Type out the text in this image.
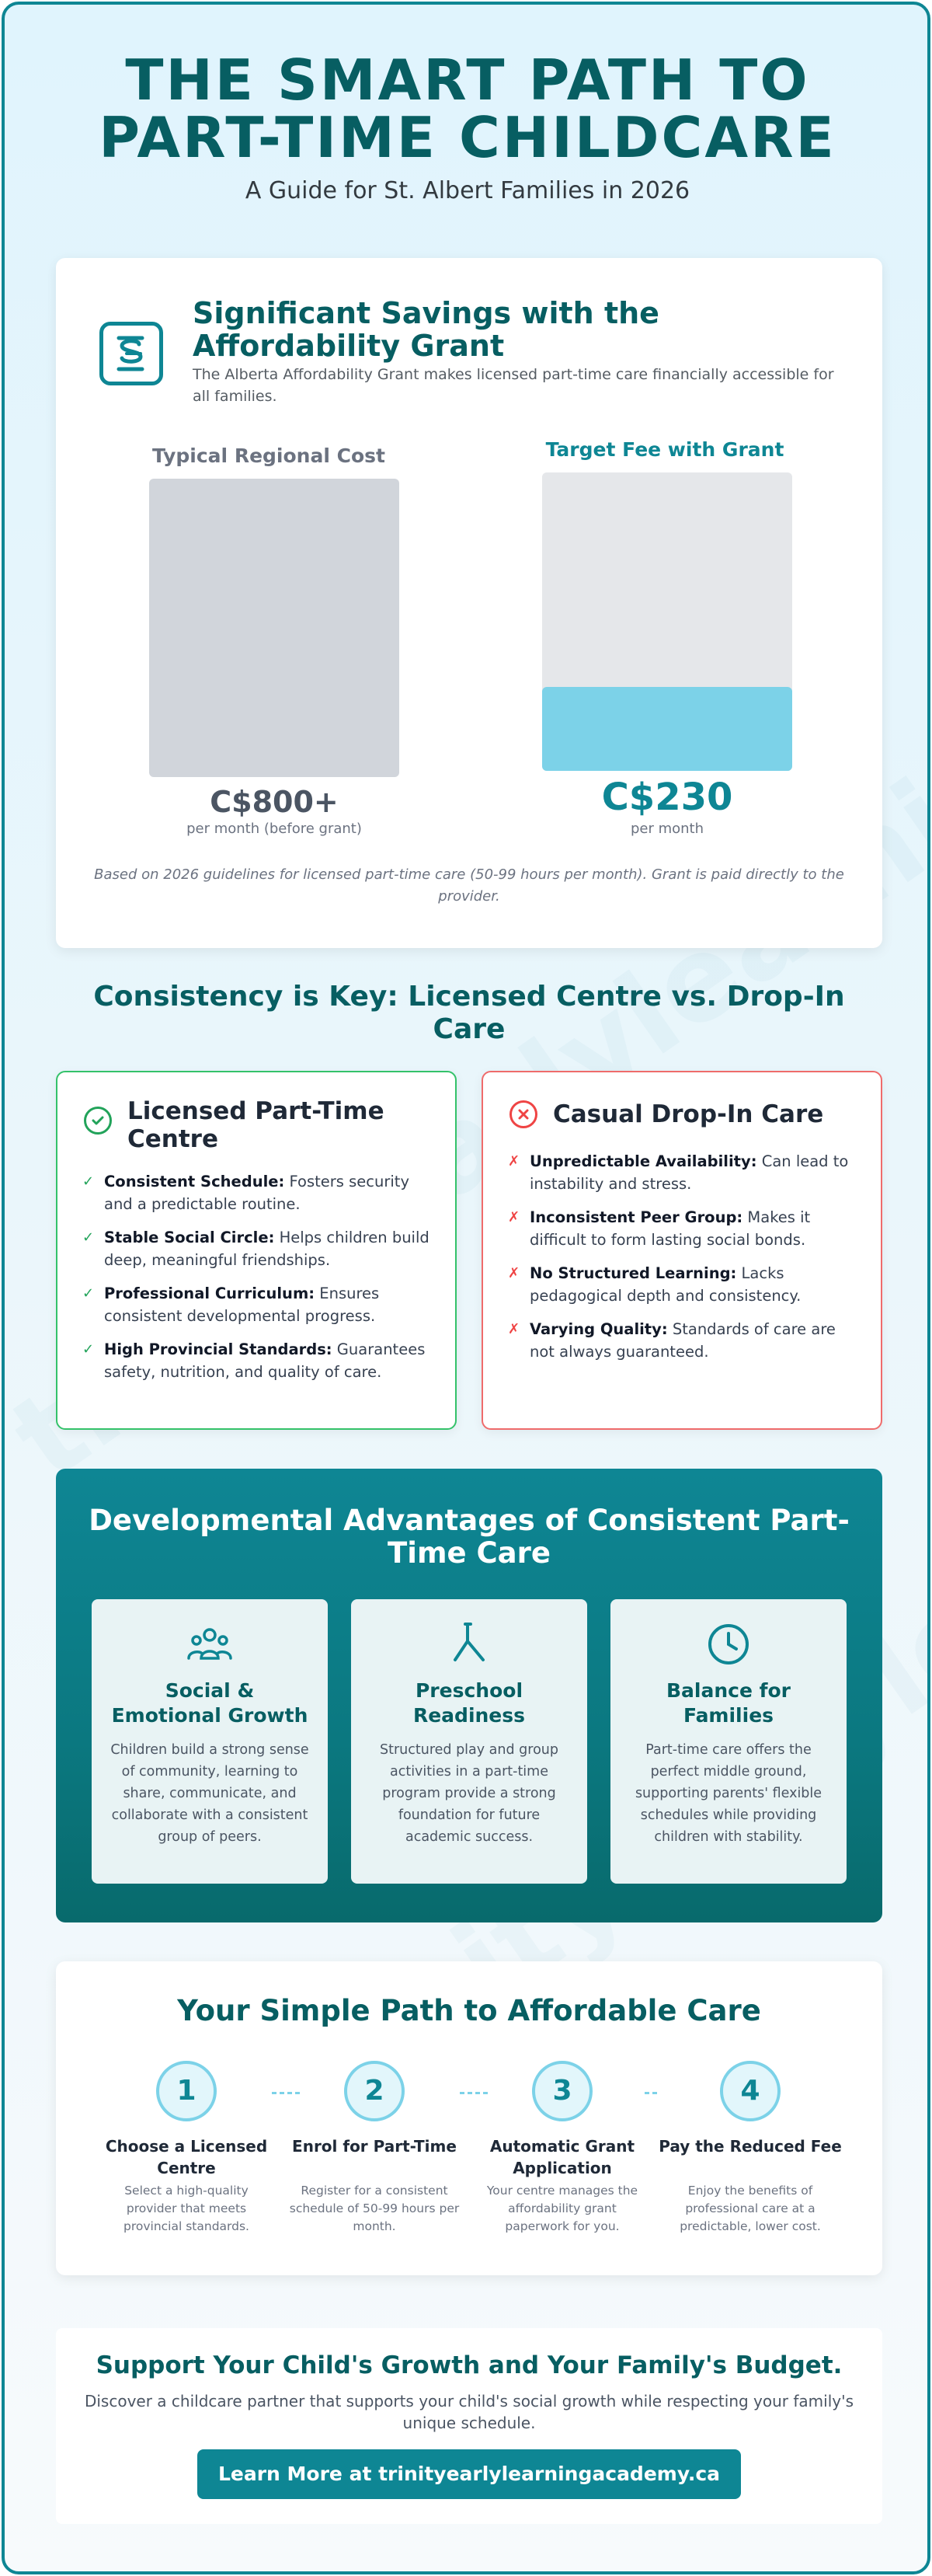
THE SMART PATH TO
PART-TIME CHILDCARE
A Guide for St. Albert Families in 2026
Significant Savings with the Affordability Grant
The Alberta Affordability Grant makes licensed part-time care financially accessible for all families.
Typical Regional Cost
C$800+
per month (before grant)
Target Fee with Grant
C$230
per month
Based on 2026 guidelines for licensed part-time care (50-99 hours per month). Grant is paid directly to the provider.
Consistency is Key: Licensed Centre vs. Drop-In Care
Licensed Part-Time Centre
✓ Consistent Schedule: Fosters security and a predictable routine.
✓ Stable Social Circle: Helps children build deep, meaningful friendships.
✓ Professional Curriculum: Ensures consistent developmental progress.
✓ High Provincial Standards: Guarantees safety, nutrition, and quality of care.
Casual Drop-In Care
✗ Unpredictable Availability: Can lead to instability and stress.
✗ Inconsistent Peer Group: Makes it difficult to form lasting social bonds.
✗ No Structured Learning: Lacks pedagogical depth and consistency.
✗ Varying Quality: Standards of care are not always guaranteed.
Developmental Advantages of Consistent Part-Time Care
Social & Emotional Growth
Children build a strong sense of community, learning to share, communicate, and collaborate with a consistent group of peers.
Preschool Readiness
Structured play and group activities in a part-time program provide a strong foundation for future academic success.
Balance for Families
Part-time care offers the perfect middle ground, supporting parents' flexible schedules while providing children with stability.
Your Simple Path to Affordable Care
1
Choose a Licensed Centre
Select a high-quality provider that meets provincial standards.
2
Enrol for Part-Time
Register for a consistent schedule of 50-99 hours per month.
3
Automatic Grant Application
Your centre manages the affordability grant paperwork for you.
4
Pay the Reduced Fee
Enjoy the benefits of professional care at a predictable, lower cost.
Support Your Child's Growth and Your Family's Budget.
Discover a childcare partner that supports your child's social growth while respecting your family's unique schedule.
Learn More at trinityearlylearningacademy.ca
